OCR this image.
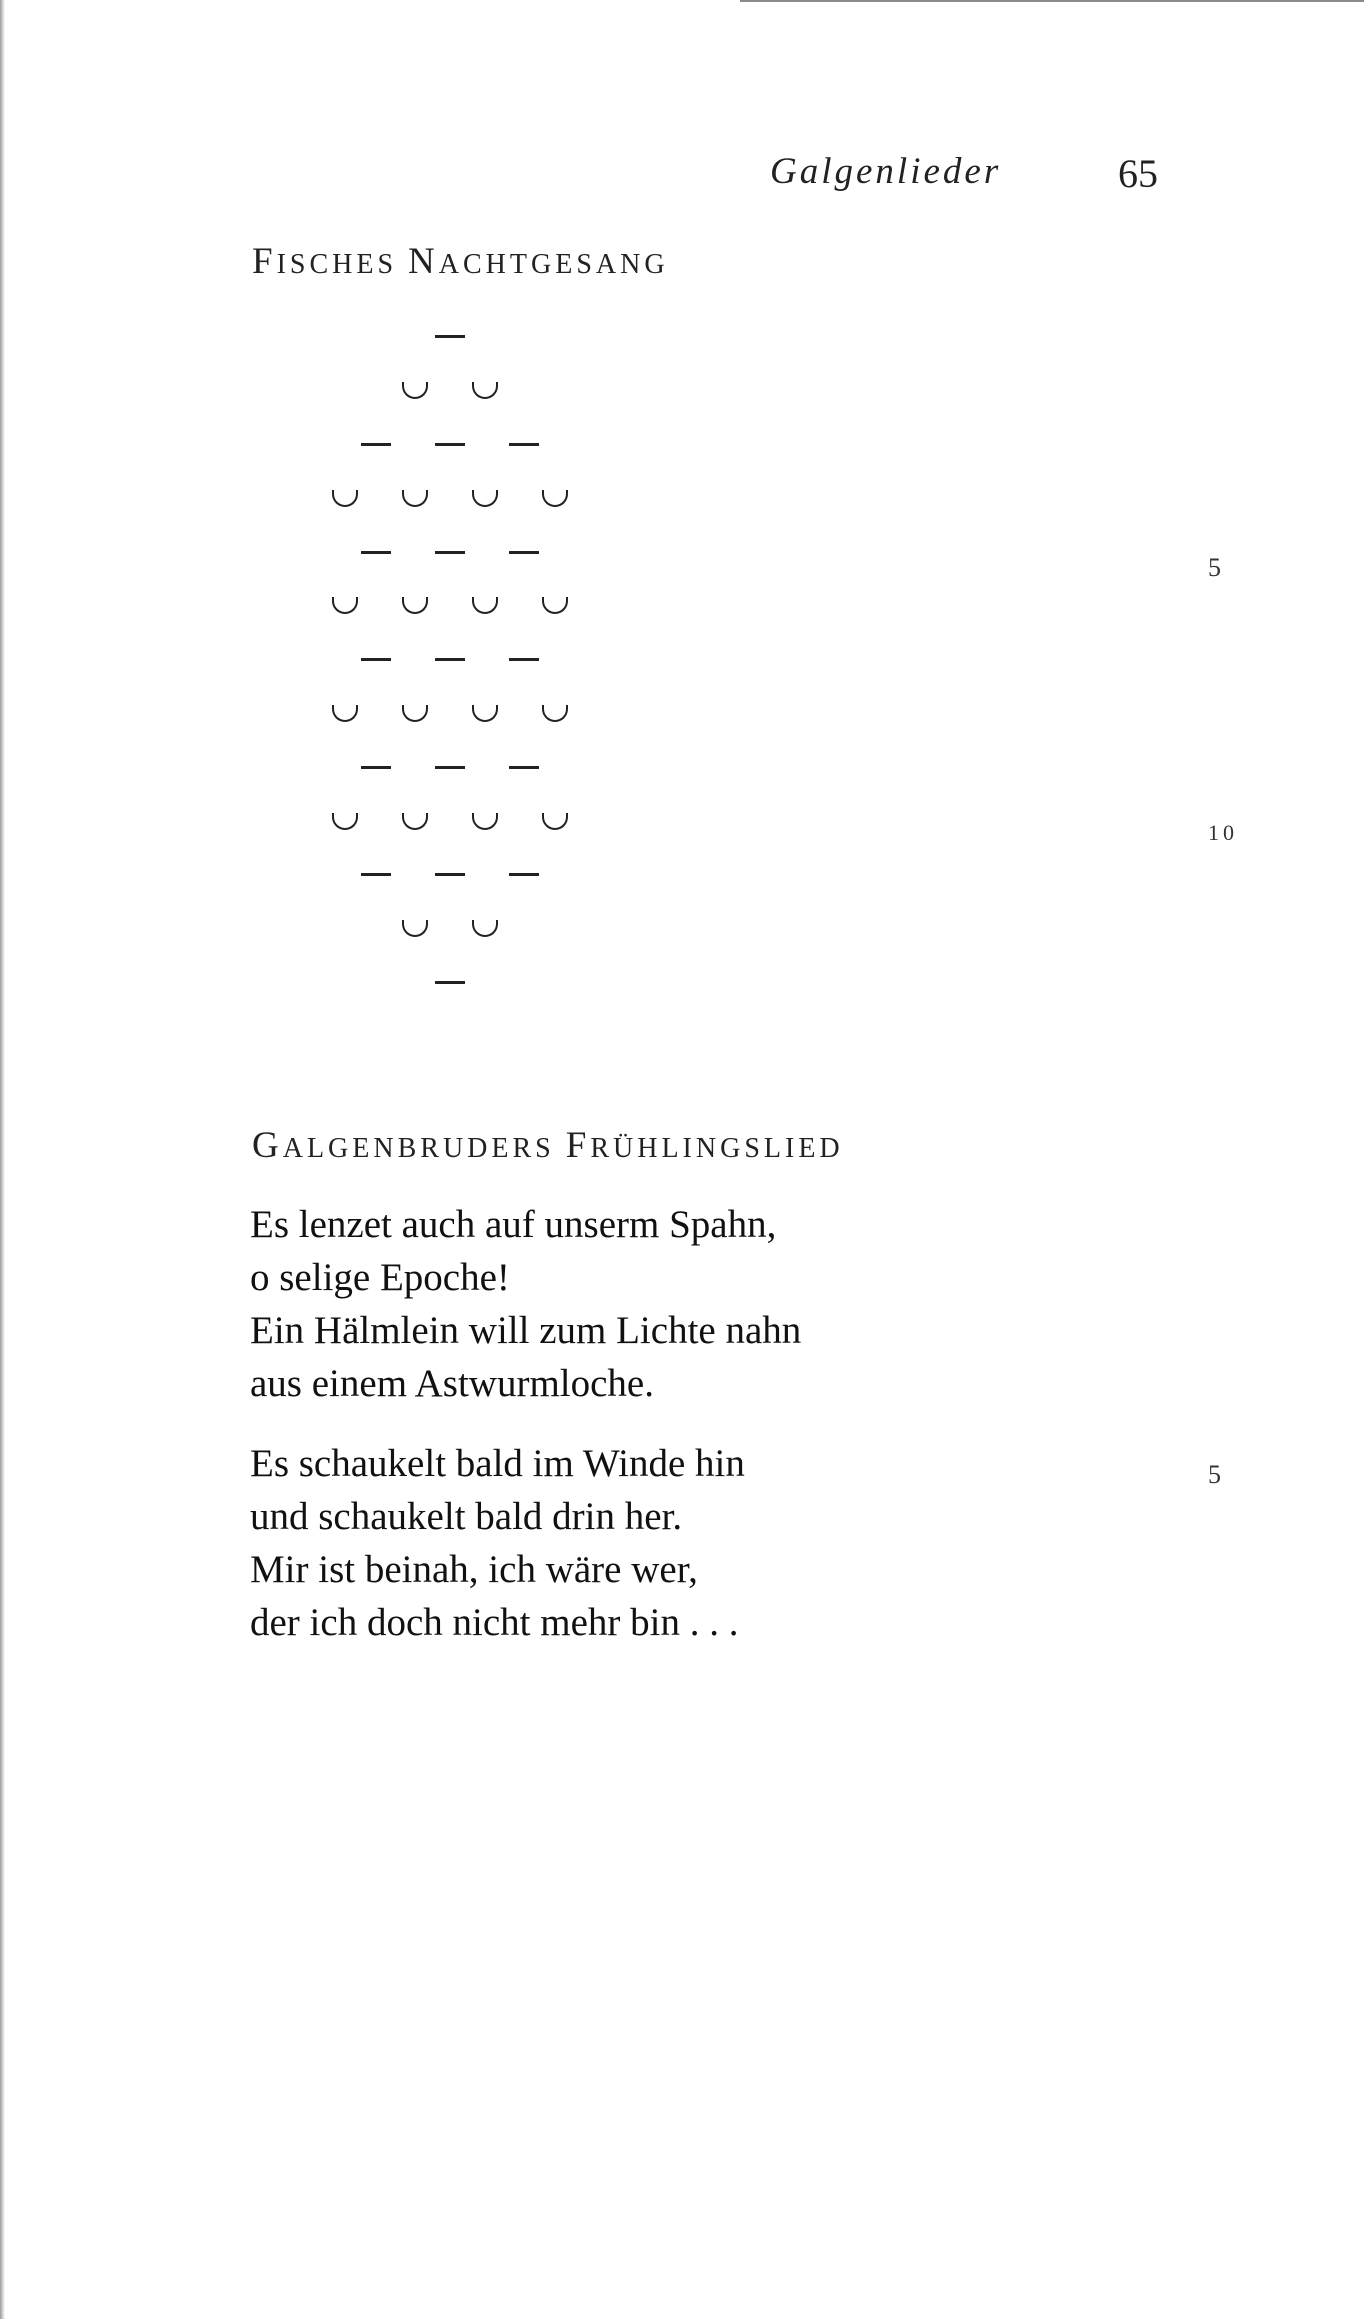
Galgenlieder	65
FISCHES NACHTGESANG
5
10
GALGENBRUDERS FRÜHLINGSLIED
Es lenzet auch auf unserm Spahn,
o selige Epoche!
Ein Hälmlein will zum Lichte nahn
aus einem Astwurmloche.
Es schaukelt bald im Winde hin
und schaukelt bald drin her.
Mir ist beinah, ich wäre wer,
der ich doch nicht mehr bin . . .
5
